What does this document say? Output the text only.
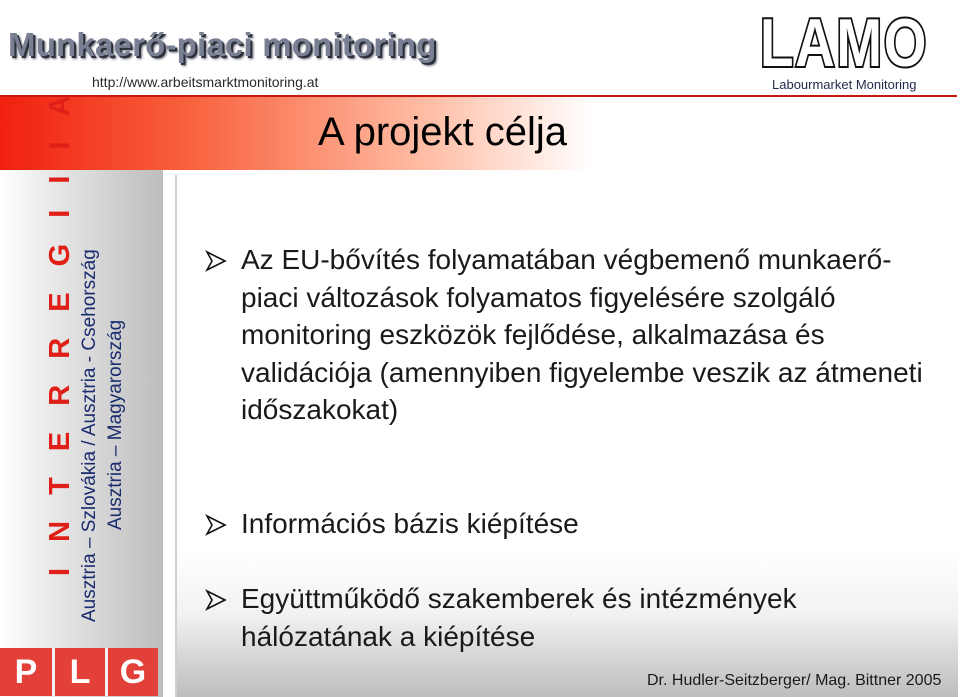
Munkaerő-piaci monitoring
http://www.arbeitsmarktmonitoring.at
LAMO
Labourmarket Monitoring
A projekt célja
I N T E R R E G I I I A Ausztria – Szlovákia / Ausztria - Csehország Ausztria – Magyarország
P L G
Az EU-bővítés folyamatában végbemenő munkaerő-piaci változások folyamatos figyelésére szolgáló monitoring eszközök fejlődése, alkalmazása és validációja (amennyiben figyelembe veszik az átmeneti időszakokat)
Információs bázis kiépítése
Együttműködő szakemberek és intézmények hálózatának a kiépítése
Dr. Hudler-Seitzberger/ Mag. Bittner 2005
